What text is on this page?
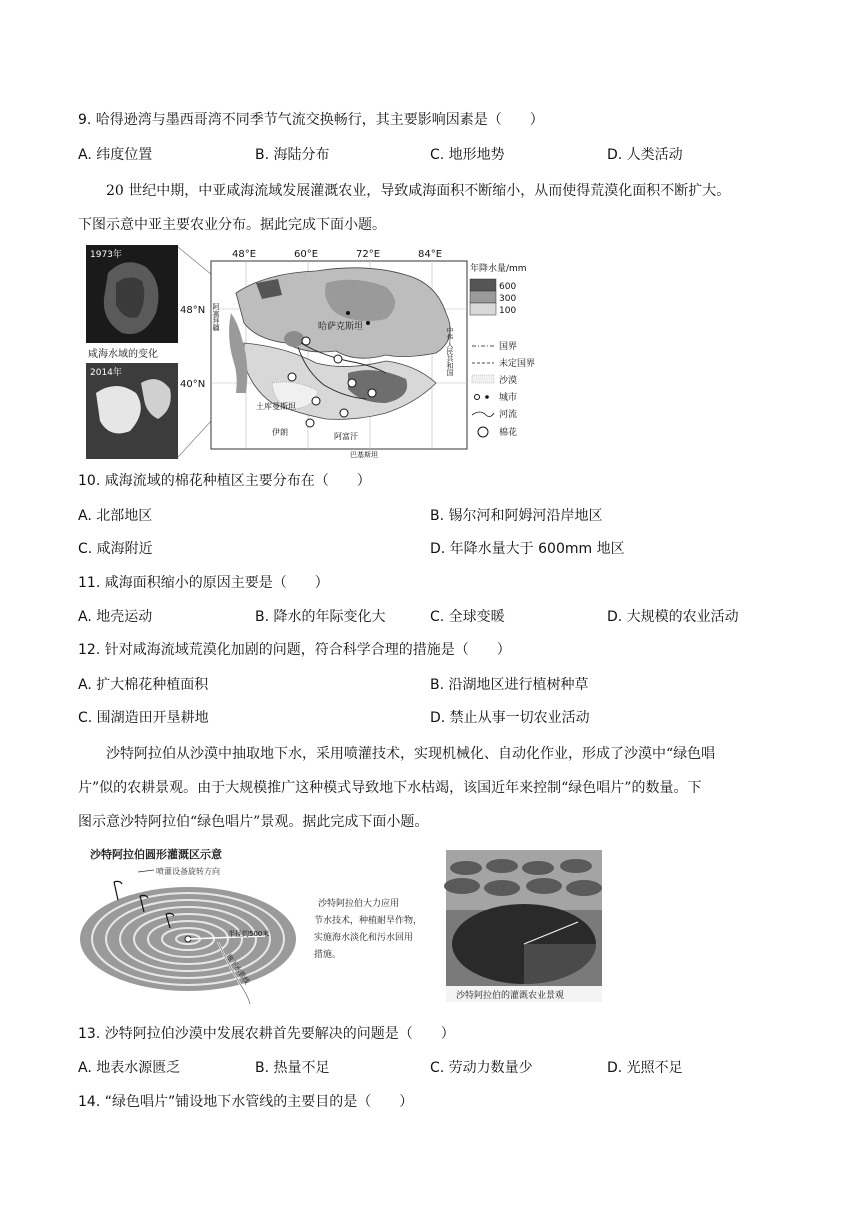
9. 哈得逊湾与墨西哥湾不同季节气流交换畅行，其主要影响因素是（　　）
A. 纬度位置	B. 海陆分布	C. 地形地势	D. 人类活动
20 世纪中期，中亚咸海流域发展灌溉农业，导致咸海面积不断缩小，从而使得荒漠化面积不断扩大。
下图示意中亚主要农业分布。据此完成下面小题。
1973年
咸海水域的变化
2014年
哈萨克斯坦
土库曼斯坦
伊朗	阿富汗
巴基斯坦
阿塞拜疆
中华人民共和国
48°E	60°E	72°E	84°E
48°N
40°N
年降水量/mm
600
300
100
国界
未定国界
沙漠
城市
河流
棉花
10. 咸海流域的棉花种植区主要分布在（　　）
A. 北部地区	B. 锡尔河和阿姆河沿岸地区
C. 咸海附近	D. 年降水量大于 600mm 地区
11. 咸海面积缩小的原因主要是（　　）
A. 地壳运动	B. 降水的年际变化大	C. 全球变暖	D. 大规模的农业活动
12. 针对咸海流域荒漠化加剧的问题，符合科学合理的措施是（　　）
A. 扩大棉花种植面积	B. 沿湖地区进行植树种草
C. 围湖造田开垦耕地	D. 禁止从事一切农业活动
沙特阿拉伯从沙漠中抽取地下水，采用喷灌技术，实现机械化、自动化作业，形成了沙漠中“绿色唱
片”似的农耕景观。由于大规模推广这种模式导致地下水枯竭，该国近年来控制“绿色唱片”的数量。下
图示意沙特阿拉伯“绿色唱片”景观。据此完成下面小题。
沙特阿拉伯圆形灌溉区示意
喷灌设备旋转方向
半径约500米
地下水管线
沙特阿拉伯大力应用
节水技术，种植耐旱作物，
实施海水淡化和污水回用
措施。
沙特阿拉伯的灌溉农业景观
13. 沙特阿拉伯沙漠中发展农耕首先要解决的问题是（　　）
A. 地表水源匮乏	B. 热量不足	C. 劳动力数量少	D. 光照不足
14. “绿色唱片”铺设地下水管线的主要目的是（　　）
